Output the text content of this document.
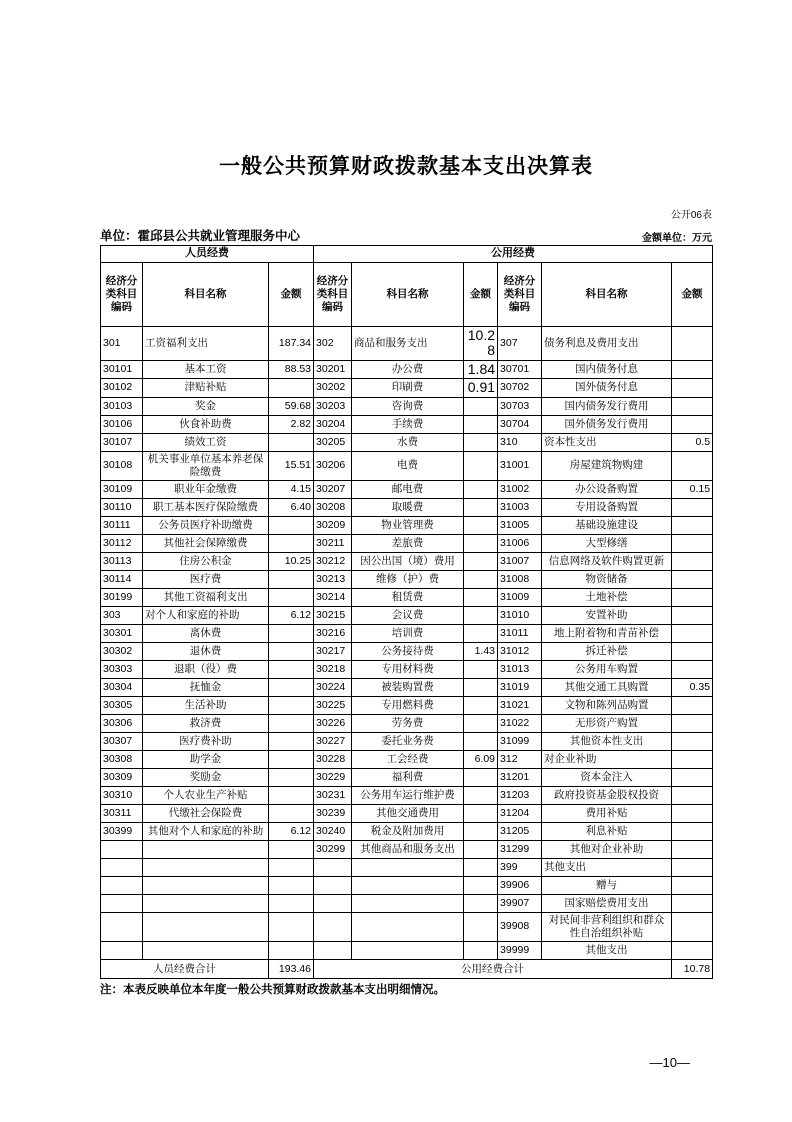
一般公共预算财政拨款基本支出决算表
公开06表
单位：霍邱县公共就业管理服务中心	金额单位：万元
人员经费			公用经费					
经济分类科目编码	科目名称	金额	经济分类科目编码	科目名称	金额	经济分类科目编码	科目名称	金额
301	工资福利支出	187.34	302	商品和服务支出	10.28	307	债务利息及费用支出	
30101	基本工资	88.53	30201	办公费	1.84	30701	国内债务付息	
30102	津贴补贴		30202	印刷费	0.91	30702	国外债务付息	
30103	奖金	59.68	30203	咨询费		30703	国内债务发行费用	
30106	伙食补助费	2.82	30204	手续费		30704	国外债务发行费用	
30107	绩效工资		30205	水费		310	资本性支出	0.5
30108	机关事业单位基本养老保险缴费	15.51	30206	电费		31001	房屋建筑物购建	
30109	职业年金缴费	4.15	30207	邮电费		31002	办公设备购置	0.15
30110	职工基本医疗保险缴费	6.40	30208	取暖费		31003	专用设备购置	
30111	公务员医疗补助缴费		30209	物业管理费		31005	基础设施建设	
30112	其他社会保障缴费		30211	差旅费		31006	大型修缮	
30113	住房公积金	10.25	30212	因公出国（境）费用		31007	信息网络及软件购置更新	
30114	医疗费		30213	维修（护）费		31008	物资储备	
30199	其他工资福利支出		30214	租赁费		31009	土地补偿	
303	对个人和家庭的补助	6.12	30215	会议费		31010	安置补助	
30301	离休费		30216	培训费		31011	地上附着物和青苗补偿	
30302	退休费		30217	公务接待费	1.43	31012	拆迁补偿	
30303	退职（役）费		30218	专用材料费		31013	公务用车购置	
30304	抚恤金		30224	被装购置费		31019	其他交通工具购置	0.35
30305	生活补助		30225	专用燃料费		31021	文物和陈列品购置	
30306	救济费		30226	劳务费		31022	无形资产购置	
30307	医疗费补助		30227	委托业务费		31099	其他资本性支出	
30308	助学金		30228	工会经费	6.09	312	对企业补助	
30309	奖励金		30229	福利费		31201	资本金注入	
30310	个人农业生产补贴		30231	公务用车运行维护费		31203	政府投资基金股权投资	
30311	代缴社会保险费		30239	其他交通费用		31204	费用补贴	
30399	其他对个人和家庭的补助	6.12	30240	税金及附加费用		31205	利息补贴	
			30299	其他商品和服务支出		31299	其他对企业补助	
						399	其他支出	
						39906	赠与	
						39907	国家赔偿费用支出	
						39908	对民间非营利组织和群众性自治组织补贴	
						39999	其他支出	
人员经费合计		193.46	公用经费合计					10.78
注：本表反映单位本年度一般公共预算财政拨款基本支出明细情况。
—10—
